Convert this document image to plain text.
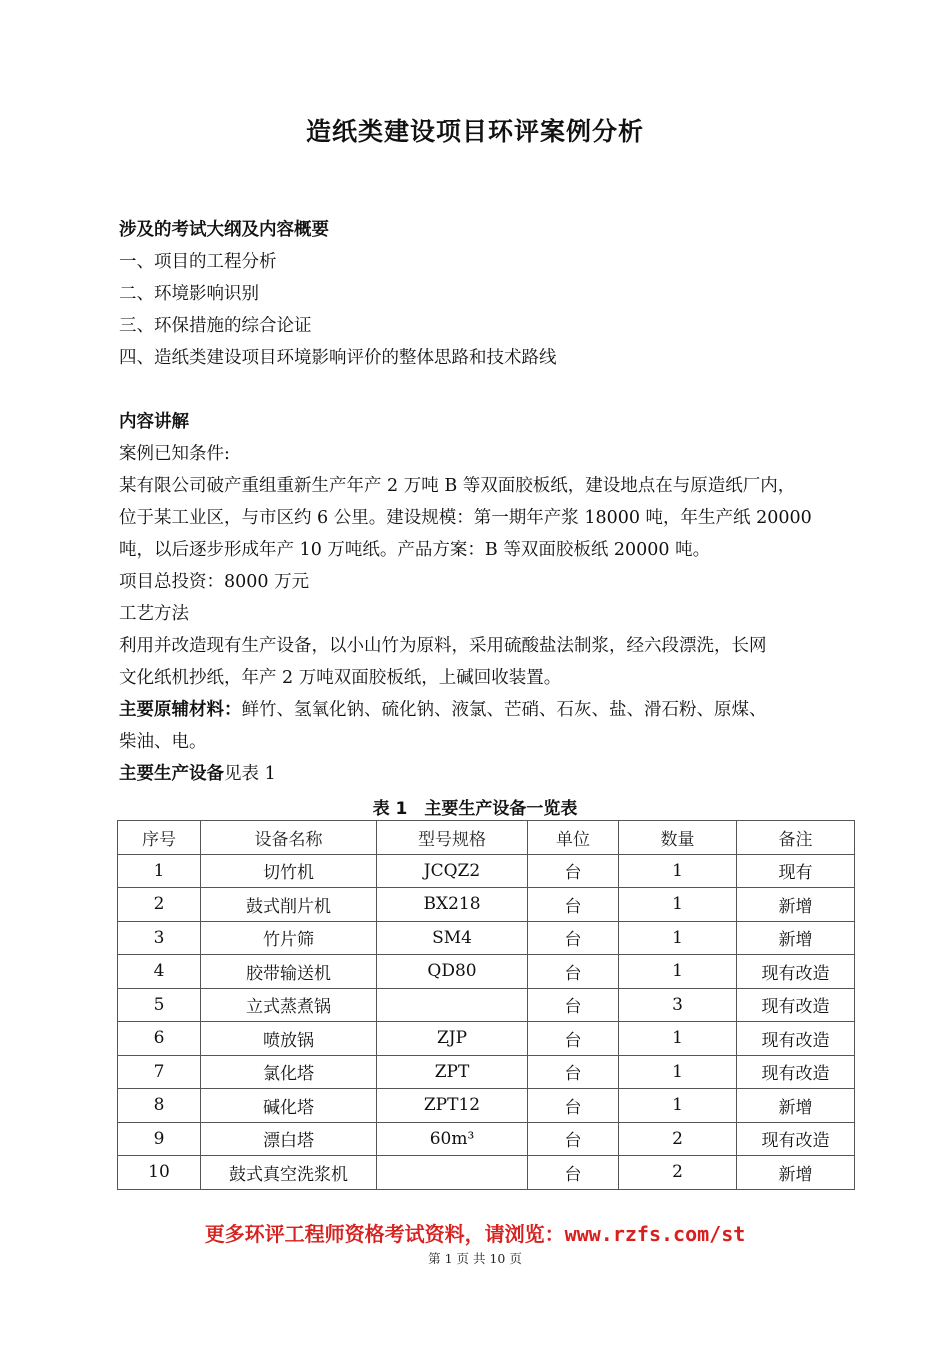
造纸类建设项目环评案例分析
涉及的考试大纲及内容概要
一、项目的工程分析
二、环境影响识别
三、环保措施的综合论证
四、造纸类建设项目环境影响评价的整体思路和技术路线
内容讲解
案例已知条件:
某有限公司破产重组重新生产年产 2 万吨 B 等双面胶板纸，建设地点在与原造纸厂内，
位于某工业区，与市区约 6 公里。建设规模：第一期年产浆 18000 吨，年生产纸 20000
吨，以后逐步形成年产 10 万吨纸。产品方案：B 等双面胶板纸 20000 吨。
项目总投资：8000 万元
工艺方法
利用并改造现有生产设备，以小山竹为原料，采用硫酸盐法制浆，经六段漂洗，长网
文化纸机抄纸，年产 2 万吨双面胶板纸，上碱回收装置。
主要原辅材料：鲜竹、氢氧化钠、硫化钠、液氯、芒硝、石灰、盐、滑石粉、原煤、
柴油、电。
主要生产设备见表 1
表 1　主要生产设备一览表
序号	设备名称	型号规格	单位	数量	备注
1	切竹机	JCQZ2	台	1	现有
2	鼓式削片机	BX218	台	1	新增
3	竹片筛	SM4	台	1	新增
4	胶带输送机	QD80	台	1	现有改造
5	立式蒸煮锅		台	3	现有改造
6	喷放锅	ZJP	台	1	现有改造
7	氯化塔	ZPT	台	1	现有改造
8	碱化塔	ZPT12	台	1	新增
9	漂白塔	60m³	台	2	现有改造
10	鼓式真空洗浆机		台	2	新增
更多环评工程师资格考试资料，请浏览：www.rzfs.com/st
第 1 页 共 10 页
